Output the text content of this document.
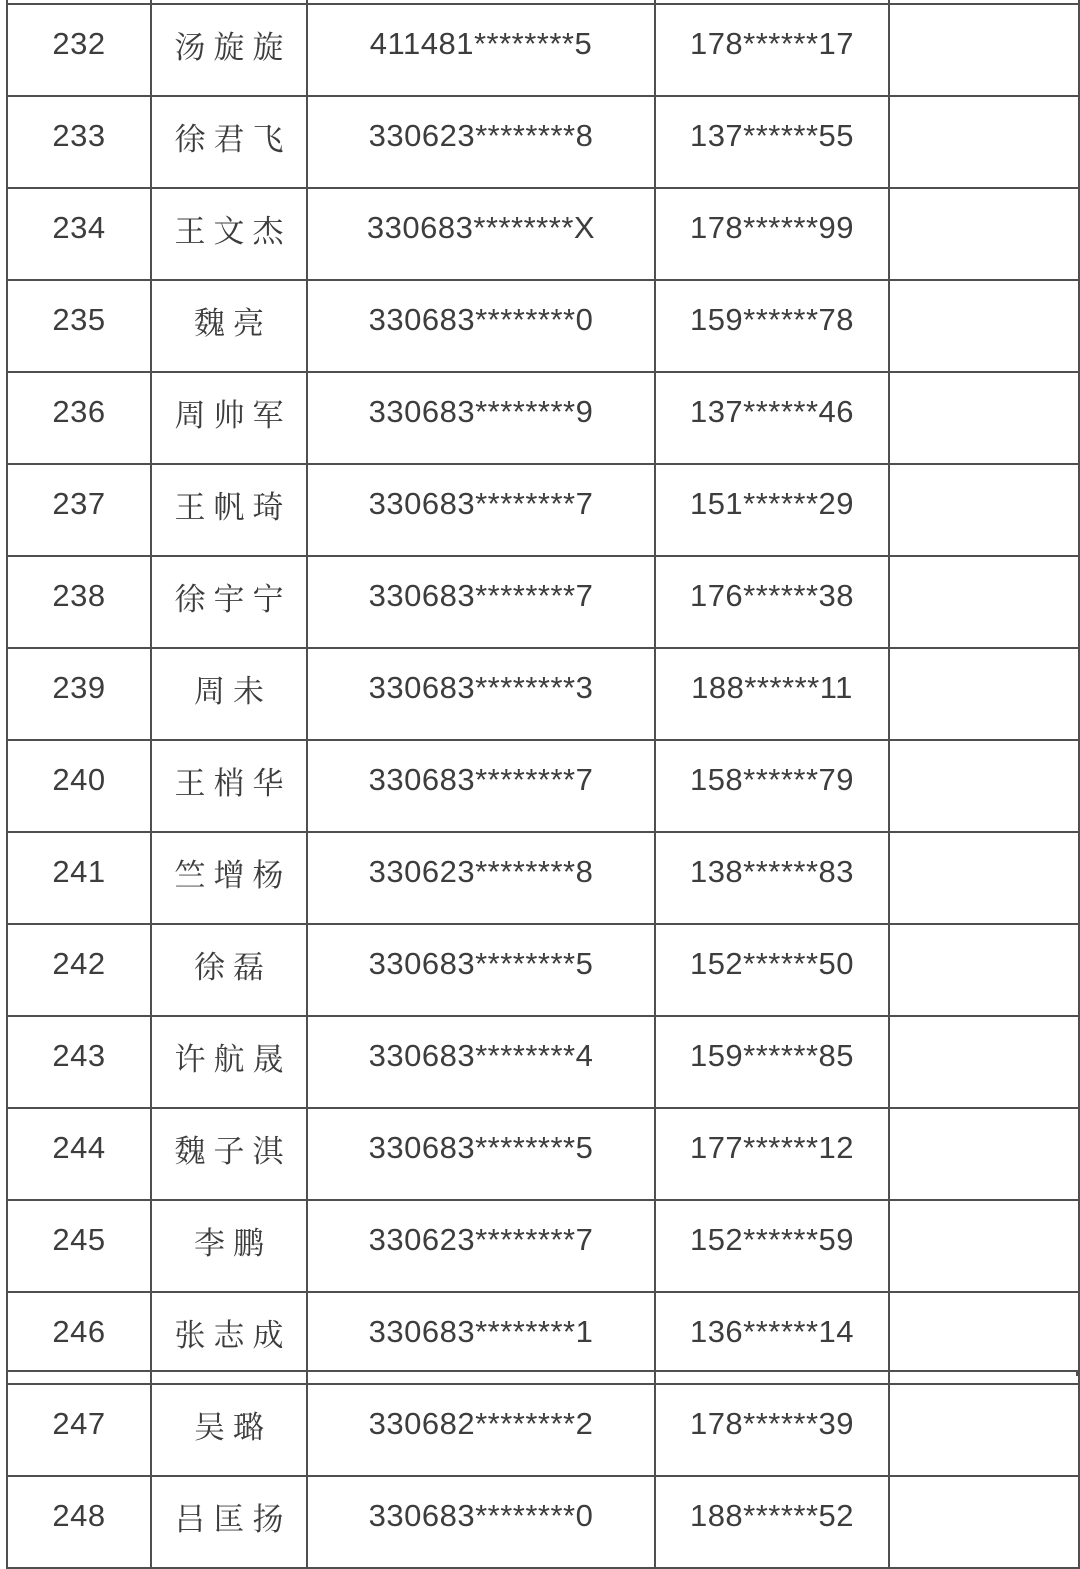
232	汤旋旋	411481********5	178******17	
233	徐君飞	330623********8	137******55	
234	王文杰	330683********X	178******99	
235	魏亮	330683********0	159******78	
236	周帅军	330683********9	137******46	
237	王帆琦	330683********7	151******29	
238	徐宇宁	330683********7	176******38	
239	周未	330683********3	188******11	
240	王梢华	330683********7	158******79	
241	竺增杨	330623********8	138******83	
242	徐磊	330683********5	152******50	
243	许航晟	330683********4	159******85	
244	魏子淇	330683********5	177******12	
245	李鹏	330623********7	152******59	
246	张志成	330683********1	136******14	
247	吴璐	330682********2	178******39	
248	吕匡扬	330683********0	188******52	
